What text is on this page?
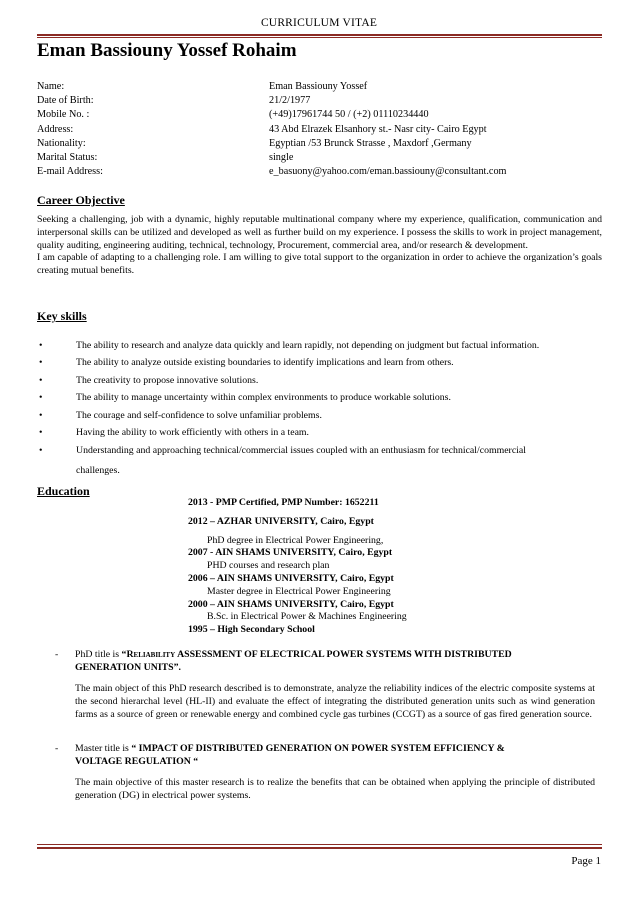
CURRICULUM VITAE
Eman Bassiouny Yossef Rohaim
Name:	Eman Bassiouny Yossef
Date of Birth:	21/2/1977
Mobile No. :	(+49)17961744 50 / (+2) 01110234440
Address:	43 Abd Elrazek Elsanhory st.- Nasr city- Cairo Egypt
Nationality:	Egyptian /53 Brunck Strasse , Maxdorf ,Germany
Marital Status:	single
E-mail Address:	e_basuony@yahoo.com/eman.bassiouny@consultant.com
Career Objective
Seeking a challenging, job with a dynamic, highly reputable multinational company where my experience, qualification, communication and interpersonal skills can be utilized and developed as well as further build on my experience. I possess the skills to work in project management, quality auditing, engineering auditing, technical, technology, Procurement, commercial area, and/or research & development.
I am capable of adapting to a challenging role. I am willing to give total support to the organization in order to achieve the organization’s goals creating mutual benefits.
Key skills
•	The ability to research and analyze data quickly and learn rapidly, not depending on judgment but factual information.
•	The ability to analyze outside existing boundaries to identify implications and learn from others.
•	The creativity to propose innovative solutions.
•	The ability to manage uncertainty within complex environments to produce workable solutions.
•	The courage and self-confidence to solve unfamiliar problems.
•	Having the ability to work efficiently with others in a team.
•	Understanding and approaching technical/commercial issues coupled with an enthusiasm for technical/commercial
challenges.
Education
2013 - PMP Certified, PMP Number: 1652211
2012 – AZHAR UNIVERSITY, Cairo, Egypt
PhD degree in Electrical Power Engineering,
2007 - AIN SHAMS UNIVERSITY, Cairo, Egypt
PHD courses and research plan
2006 – AIN SHAMS UNIVERSITY, Cairo, Egypt
Master degree in Electrical Power Engineering
2000 – AIN SHAMS UNIVERSITY, Cairo, Egypt
B.Sc. in Electrical Power & Machines Engineering
1995 – High Secondary School
-	PhD title is “Reliability ASSESSMENT OF ELECTRICAL POWER SYSTEMS WITH DISTRIBUTED
GENERATION UNITS”.
The main object of this PhD research described is to demonstrate, analyze the reliability indices of the electric composite systems at the second hierarchal level (HL-II) and evaluate the effect of integrating the distributed generation units such as wind generation farms as a source of green or renewable energy and combined cycle gas turbines (CCGT) as a source of gas fired generation source.
-	Master title is “ IMPACT OF DISTRIBUTED GENERATION ON POWER SYSTEM EFFICIENCY &
VOLTAGE REGULATION “
The main objective of this master research is to realize the benefits that can be obtained when applying the principle of distributed generation (DG) in electrical power systems.
Page 1
